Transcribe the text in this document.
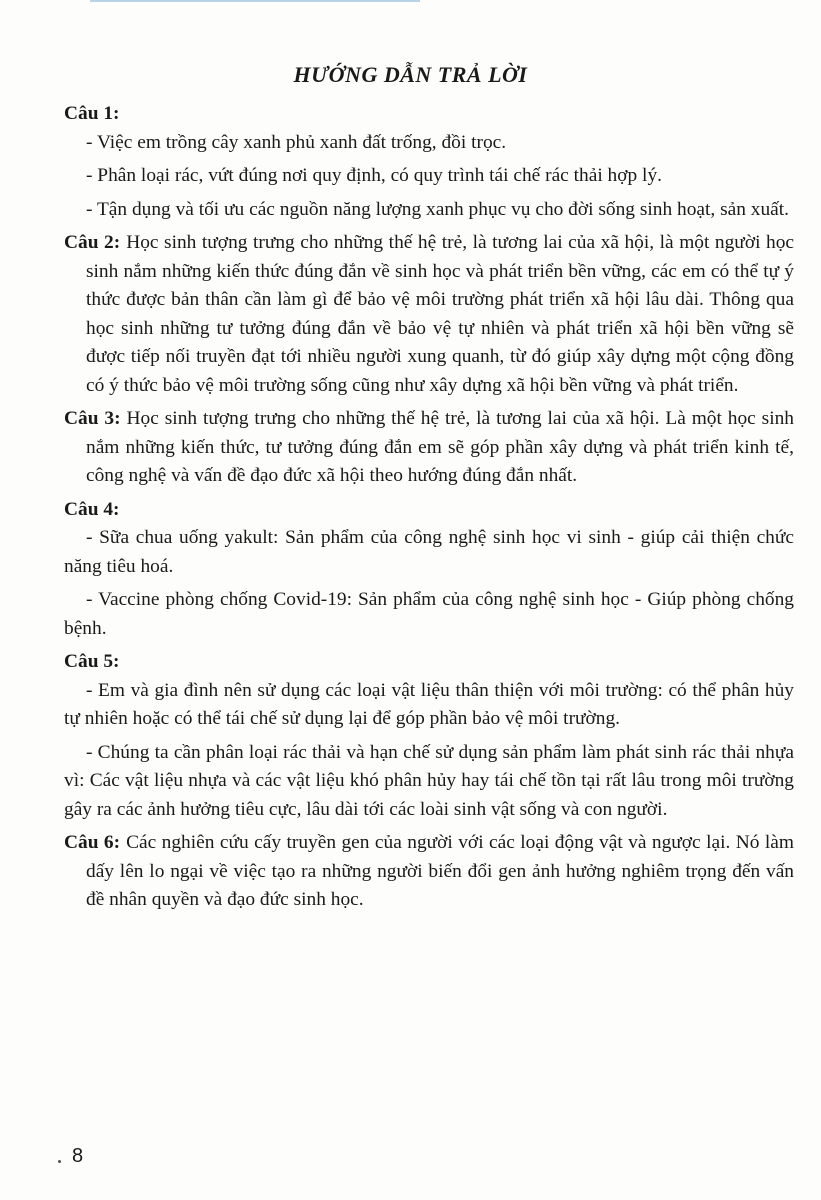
HƯỚNG DẪN TRẢ LỜI

Câu 1:

- Việc em trồng cây xanh phủ xanh đất trống, đồi trọc.

- Phân loại rác, vứt đúng nơi quy định, có quy trình tái chế rác thải hợp lý.

- Tận dụng và tối ưu các nguồn năng lượng xanh phục vụ cho đời sống sinh hoạt, sản xuất.

Câu 2: Học sinh tượng trưng cho những thế hệ trẻ, là tương lai của xã hội, là một người học sinh nắm những kiến thức đúng đắn về sinh học và phát triển bền vững, các em có thể tự ý thức được bản thân cần làm gì để bảo vệ môi trường phát triển xã hội lâu dài. Thông qua học sinh những tư tưởng đúng đắn về bảo vệ tự nhiên và phát triển xã hội bền vững sẽ được tiếp nối truyền đạt tới nhiều người xung quanh, từ đó giúp xây dựng một cộng đồng có ý thức bảo vệ môi trường sống cũng như xây dựng xã hội bền vững và phát triển.

Câu 3: Học sinh tượng trưng cho những thế hệ trẻ, là tương lai của xã hội. Là một học sinh nắm những kiến thức, tư tưởng đúng đắn em sẽ góp phần xây dựng và phát triển kinh tế, công nghệ và vấn đề đạo đức xã hội theo hướng đúng đắn nhất.

Câu 4:

- Sữa chua uống yakult: Sản phẩm của công nghệ sinh học vi sinh - giúp cải thiện chức năng tiêu hoá.

- Vaccine phòng chống Covid-19: Sản phẩm của công nghệ sinh học - Giúp phòng chống bệnh.

Câu 5:

- Em và gia đình nên sử dụng các loại vật liệu thân thiện với môi trường: có thể phân hủy tự nhiên hoặc có thể tái chế sử dụng lại để góp phần bảo vệ môi trường.

- Chúng ta cần phân loại rác thải và hạn chế sử dụng sản phẩm làm phát sinh rác thải nhựa vì: Các vật liệu nhựa và các vật liệu khó phân hủy hay tái chế tồn tại rất lâu trong môi trường gây ra các ảnh hưởng tiêu cực, lâu dài tới các loài sinh vật sống và con người.

Câu 6: Các nghiên cứu cấy truyền gen của người với các loại động vật và ngược lại. Nó làm dấy lên lo ngại về việc tạo ra những người biến đổi gen ảnh hưởng nghiêm trọng đến vấn đề nhân quyền và đạo đức sinh học.

8
